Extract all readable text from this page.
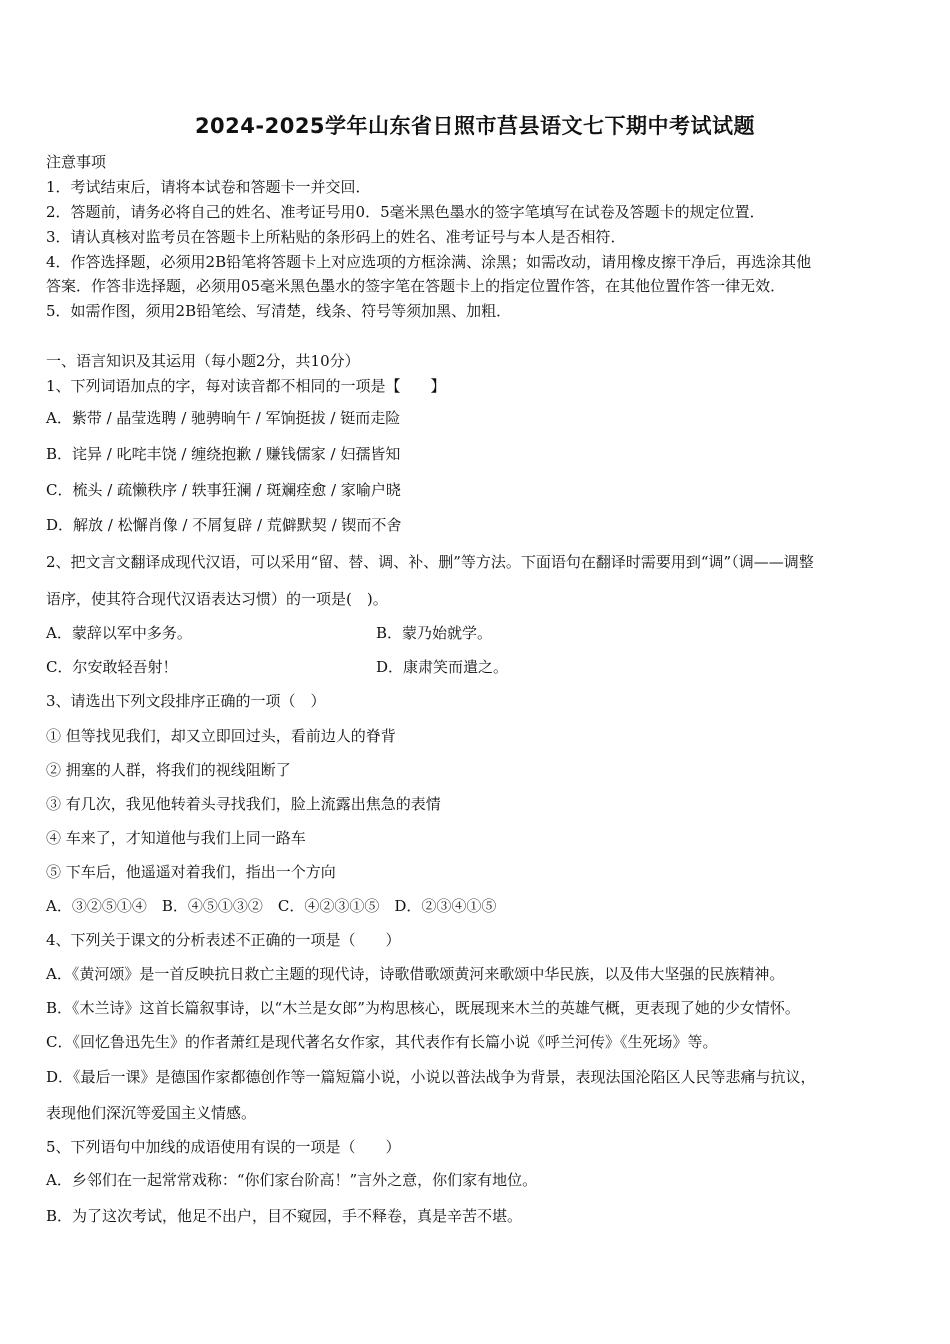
2024-2025学年山东省日照市莒县语文七下期中考试试题
注意事项
1．考试结束后，请将本试卷和答题卡一并交回．
2．答题前，请务必将自己的姓名、准考证号用0．5毫米黑色墨水的签字笔填写在试卷及答题卡的规定位置．
3．请认真核对监考员在答题卡上所粘贴的条形码上的姓名、准考证号与本人是否相符．
4．作答选择题，必须用2B铅笔将答题卡上对应选项的方框涂满、涂黑；如需改动，请用橡皮擦干净后，再选涂其他
答案．作答非选择题，必须用05毫米黑色墨水的签字笔在答题卡上的指定位置作答，在其他位置作答一律无效．
5．如需作图，须用2B铅笔绘、写清楚，线条、符号等须加黑、加粗．
一、语言知识及其运用（每小题2分，共10分）
1、下列词语加点的字，每对读音都不相同的一项是【　　】
A．紫带 / 晶莹选聘 / 驰骋晌午 / 军饷挺拔 / 铤而走险
B．诧异 / 叱咤丰饶 / 缠绕抱歉 / 赚钱儒家 / 妇孺皆知
C．梳头 / 疏懒秩序 / 轶事狂澜 / 斑斓痊愈 / 家喻户晓
D．解放 / 松懈肖像 / 不屑复辟 / 荒僻默契 / 锲而不舍
2、把文言文翻译成现代汉语，可以采用“留、替、调、补、删”等方法。下面语句在翻译时需要用到“调”（调——调整
语序，使其符合现代汉语表达习惯）的一项是(　)。
A．蒙辞以军中多务。	B．蒙乃始就学。
C．尔安敢轻吾射！	D．康肃笑而遣之。
3、请选出下列文段排序正确的一项（　）
① 但等找见我们，却又立即回过头，看前边人的脊背
② 拥塞的人群，将我们的视线阻断了
③ 有几次，我见他转着头寻找我们，脸上流露出焦急的表情
④ 车来了，才知道他与我们上同一路车
⑤ 下车后，他遥遥对着我们，指出一个方向
A．③②⑤①④　B．④⑤①③②　C．④②③①⑤　D．②③④①⑤
4、下列关于课文的分析表述不正确的一项是（　　）
A．《黄河颂》是一首反映抗日救亡主题的现代诗，诗歌借歌颂黄河来歌颂中华民族，以及伟大坚强的民族精神。
B．《木兰诗》这首长篇叙事诗，以“木兰是女郎”为构思核心，既展现来木兰的英雄气概，更表现了她的少女情怀。
C．《回忆鲁迅先生》的作者萧红是现代著名女作家，其代表作有长篇小说《呼兰河传》《生死场》等。
D．《最后一课》是德国作家都德创作等一篇短篇小说，小说以普法战争为背景，表现法国沦陷区人民等悲痛与抗议，
表现他们深沉等爱国主义情感。
5、下列语句中加线的成语使用有误的一项是（　　）
A．乡邻们在一起常常戏称：“你们家台阶高！”言外之意，你们家有地位。
B．为了这次考试，他足不出户，目不窥园，手不释卷，真是辛苦不堪。
